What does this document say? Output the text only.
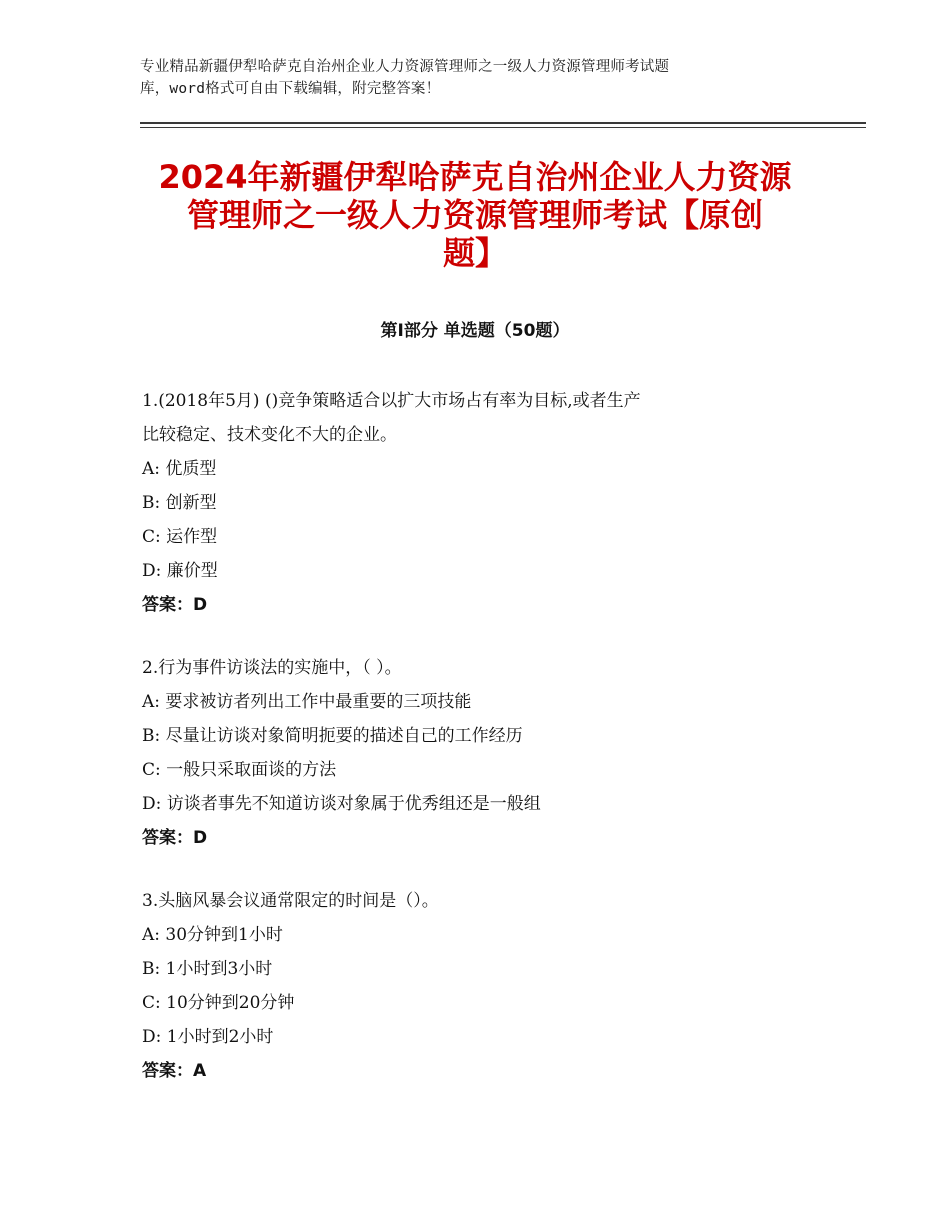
专业精品新疆伊犁哈萨克自治州企业人力资源管理师之一级人力资源管理师考试题
库，word格式可自由下载编辑，附完整答案！
2024年新疆伊犁哈萨克自治州企业人力资源
管理师之一级人力资源管理师考试【原创
题】
第Ⅰ部分 单选题（50题）
1.(2018年5月) ()竞争策略适合以扩大市场占有率为目标,或者生产
比较稳定、技术变化不大的企业。
A: 优质型
B: 创新型
C: 运作型
D: 廉价型
答案：D
2.行为事件访谈法的实施中，（ ）。
A: 要求被访者列出工作中最重要的三项技能
B: 尽量让访谈对象简明扼要的描述自己的工作经历
C: 一般只采取面谈的方法
D: 访谈者事先不知道访谈对象属于优秀组还是一般组
答案：D
3.头脑风暴会议通常限定的时间是（）。
A: 30分钟到1小时
B: 1小时到3小时
C: 10分钟到20分钟
D: 1小时到2小时
答案：A
